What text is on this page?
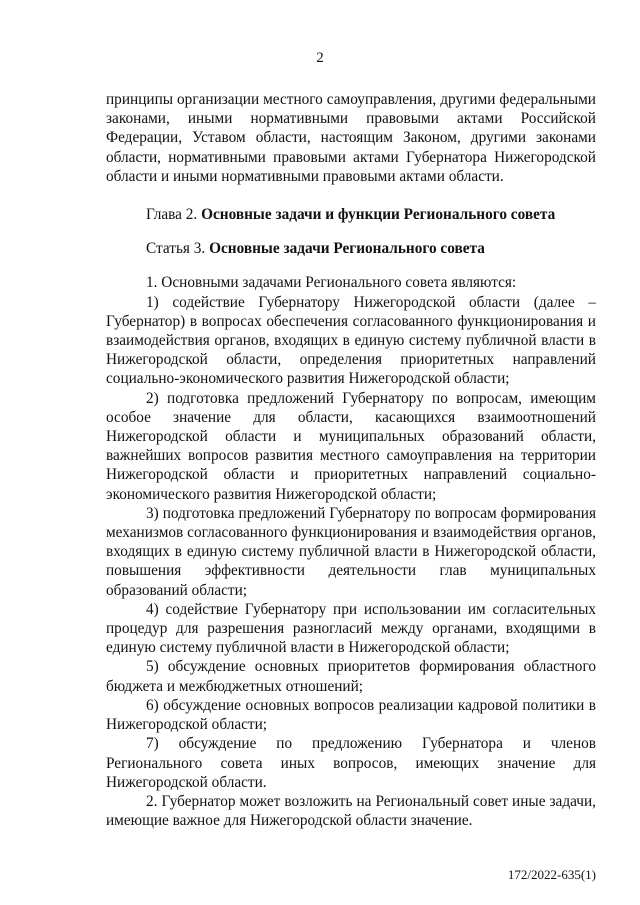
2

принципы организации местного самоуправления, другими федеральными законами, иными нормативными правовыми актами Российской Федерации, Уставом области, настоящим Законом, другими законами области, нормативными правовыми актами Губернатора Нижегородской области и иными нормативными правовыми актами области.

Глава 2. Основные задачи и функции Регионального совета

Статья 3. Основные задачи Регионального совета

1. Основными задачами Регионального совета являются:

1) содействие Губернатору Нижегородской области (далее – Губернатор) в вопросах обеспечения согласованного функционирования и взаимодействия органов, входящих в единую систему публичной власти в Нижегородской области, определения приоритетных направлений социально-экономического развития Нижегородской области;

2) подготовка предложений Губернатору по вопросам, имеющим особое значение для области, касающихся взаимоотношений Нижегородской области и муниципальных образований области, важнейших вопросов развития местного самоуправления на территории Нижегородской области и приоритетных направлений социально-экономического развития Нижегородской области;

3) подготовка предложений Губернатору по вопросам формирования механизмов согласованного функционирования и взаимодействия органов, входящих в единую систему публичной власти в Нижегородской области, повышения эффективности деятельности глав муниципальных образований области;

4) содействие Губернатору при использовании им согласительных процедур для разрешения разногласий между органами, входящими в единую систему публичной власти в Нижегородской области;

5) обсуждение основных приоритетов формирования областного бюджета и межбюджетных отношений;

6) обсуждение основных вопросов реализации кадровой политики в Нижегородской области;

7) обсуждение по предложению Губернатора и членов Регионального совета иных вопросов, имеющих значение для Нижегородской области.

2. Губернатор может возложить на Региональный совет иные задачи, имеющие важное для Нижегородской области значение.

172/2022-635(1)
